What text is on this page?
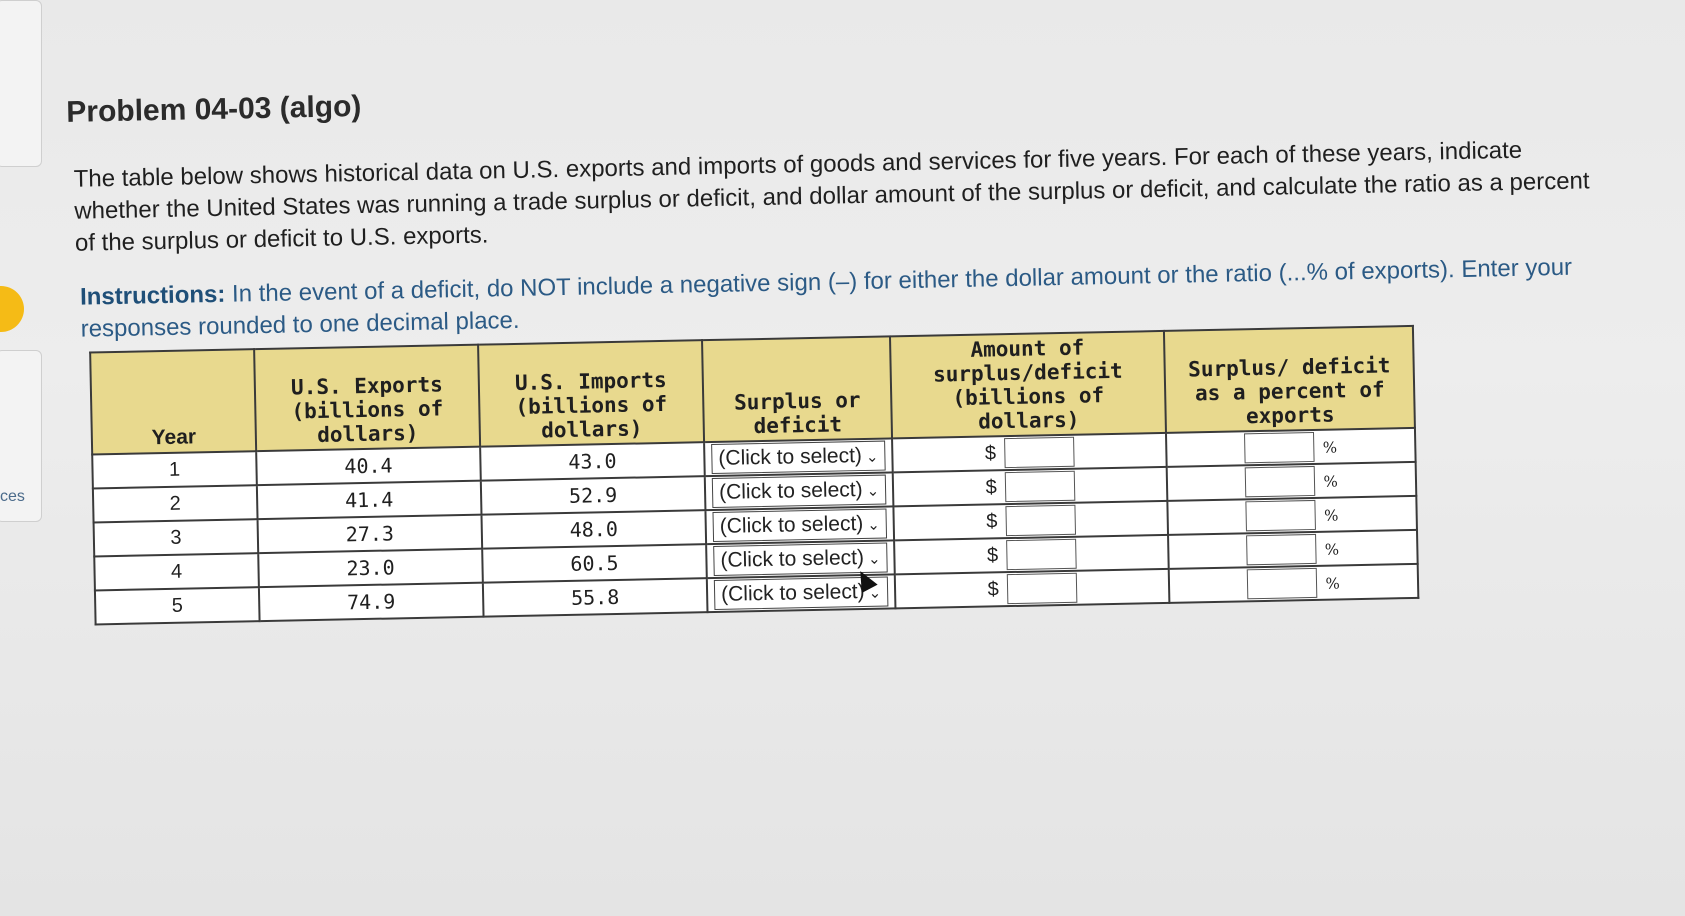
ces
Problem 04-03 (algo)

The table below shows historical data on U.S. exports and imports of goods and services for five years. For each of these years, indicate whether the United States was running a trade surplus or deficit, and dollar amount of the surplus or deficit, and calculate the ratio as a percent of the surplus or deficit to U.S. exports.

Instructions: In the event of a deficit, do NOT include a negative sign (–) for either the dollar amount or the ratio (...% of exports). Enter your responses rounded to one decimal place.

Year	U.S. Exports (billions of dollars)	U.S. Imports (billions of dollars)	Surplus or deficit	Amount of surplus/deficit (billions of dollars)	Surplus/ deficit as a percent of exports
1	40.4	43.0	(Click to select) ⌄	$	%
2	41.4	52.9	(Click to select) ⌄	$	%
3	27.3	48.0	(Click to select) ⌄	$	%
4	23.0	60.5	(Click to select) ⌄	$	%
5	74.9	55.8	(Click to select) ⌄	$	%
